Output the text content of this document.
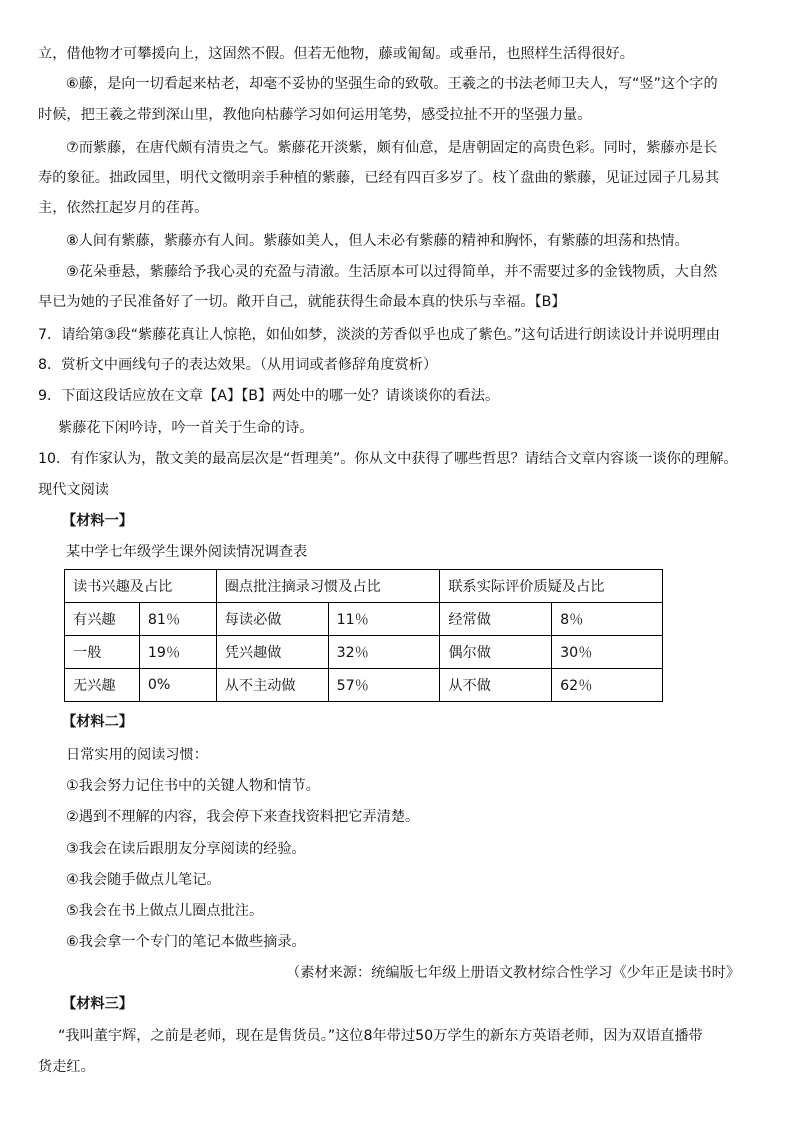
立，借他物才可攀援向上，这固然不假。但若无他物，藤或匍匐。或垂吊，也照样生活得很好。
⑥藤，是向一切看起来枯老，却毫不妥协的坚强生命的致敬。王羲之的书法老师卫夫人，写“竖”这个字的
时候，把王羲之带到深山里，教他向枯藤学习如何运用笔势，感受拉扯不开的坚强力量。
⑦而紫藤，在唐代颇有清贵之气。紫藤花开淡紫，颇有仙意，是唐朝固定的高贵色彩。同时，紫藤亦是长
寿的象征。拙政园里，明代文徵明亲手种植的紫藤，已经有四百多岁了。枝丫盘曲的紫藤，见证过园子几易其
主，依然扛起岁月的荏苒。
⑧人间有紫藤，紫藤亦有人间。紫藤如美人，但人未必有紫藤的精神和胸怀，有紫藤的坦荡和热情。
⑨花朵垂悬，紫藤给予我心灵的充盈与清澈。生活原本可以过得简单，并不需要过多的金钱物质，大自然
早已为她的子民准备好了一切。敞开自己，就能获得生命最本真的快乐与幸福。【B】
7．请给第③段“紫藤花真让人惊艳，如仙如梦，淡淡的芳香似乎也成了紫色。”这句话进行朗读设计并说明理由
8．赏析文中画线句子的表达效果。（从用词或者修辞角度赏析）
9．下面这段话应放在文章【A】【B】两处中的哪一处？请谈谈你的看法。
紫藤花下闲吟诗，吟一首关于生命的诗。
10．有作家认为，散文美的最高层次是“哲理美”。你从文中获得了哪些哲思？请结合文章内容谈一谈你的理解。
现代文阅读
【材料一】
某中学七年级学生课外阅读情况调查表
读书兴趣及占比		圈点批注摘录习惯及占比		联系实际评价质疑及占比	
有兴趣	81％	每读必做	11％	经常做	8％
一般	19％	凭兴趣做	32％	偶尔做	30％
无兴趣	0%	从不主动做	57％	从不做	62％
【材料二】
日常实用的阅读习惯：
①我会努力记住书中的关键人物和情节。
②遇到不理解的内容，我会停下来查找资料把它弄清楚。
③我会在读后跟朋友分享阅读的经验。
④我会随手做点儿笔记。
⑤我会在书上做点儿圈点批注。
⑥我会拿一个专门的笔记本做些摘录。
（素材来源：统编版七年级上册语文教材综合性学习《少年正是读书时》
【材料三】
“我叫董宇辉，之前是老师，现在是售货员。”这位8年带过50万学生的新东方英语老师，因为双语直播带
货走红。
